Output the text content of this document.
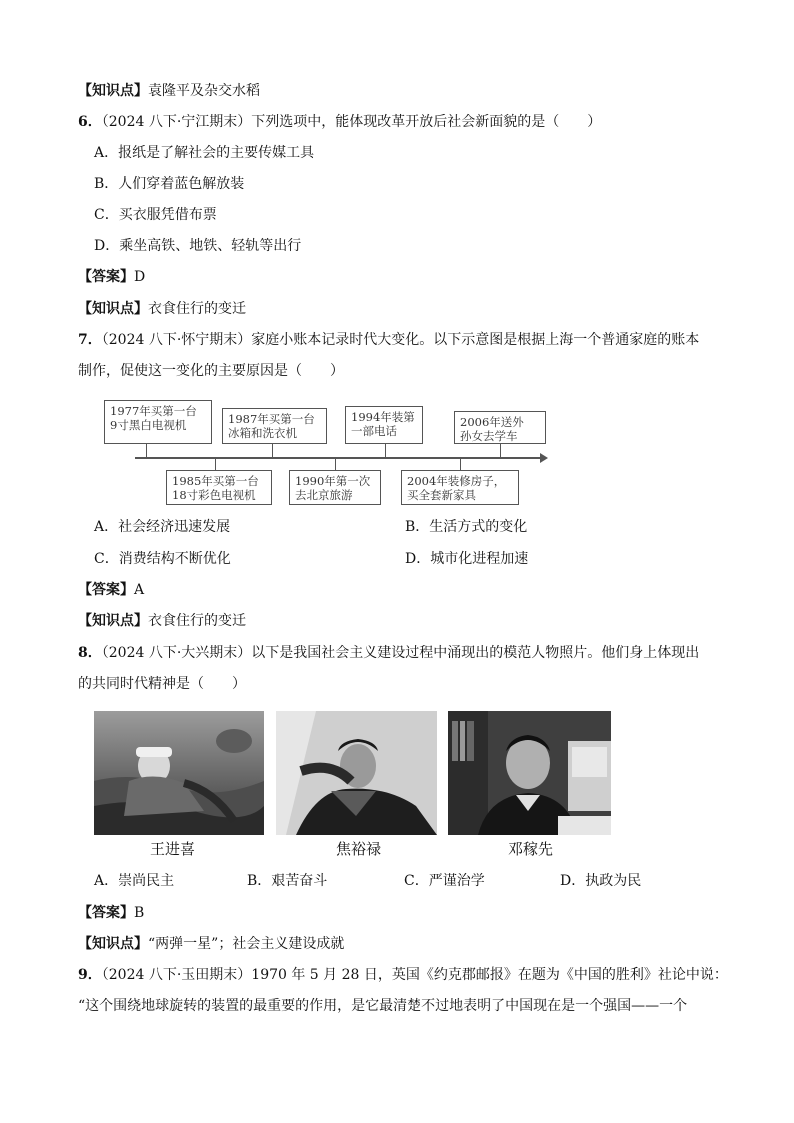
【知识点】袁隆平及杂交水稻
6．（2024 八下·宁江期末）下列选项中，能体现改革开放后社会新面貌的是（　　）
A．报纸是了解社会的主要传媒工具
B．人们穿着蓝色解放装
C．买衣服凭借布票
D．乘坐高铁、地铁、轻轨等出行
【答案】D
【知识点】衣食住行的变迁
7．（2024 八下·怀宁期末）家庭小账本记录时代大变化。以下示意图是根据上海一个普通家庭的账本
制作，促使这一变化的主要原因是（　　）
1977年买第一台
9寸黑白电视机	1987年买第一台
冰箱和洗衣机
1994年装第
一部电话
2006年送外
孙女去学车
1985年买第一台
18寸彩色电视机
1990年第一次
去北京旅游
2004年装修房子，
买全套新家具
A．社会经济迅速发展	B．生活方式的变化
C．消费结构不断优化	D．城市化进程加速
【答案】A
【知识点】衣食住行的变迁
8．（2024 八下·大兴期末）以下是我国社会主义建设过程中涌现出的模范人物照片。他们身上体现出
的共同时代精神是（　　）
王进喜	焦裕禄	邓稼先
A．崇尚民主	B．艰苦奋斗	C．严谨治学	D．执政为民
【答案】B
【知识点】“两弹一星”；社会主义建设成就
9．（2024 八下·玉田期末）1970 年 5 月 28 日，英国《约克郡邮报》在题为《中国的胜利》社论中说：
“这个围绕地球旋转的装置的最重要的作用，是它最清楚不过地表明了中国现在是一个强国——一个
